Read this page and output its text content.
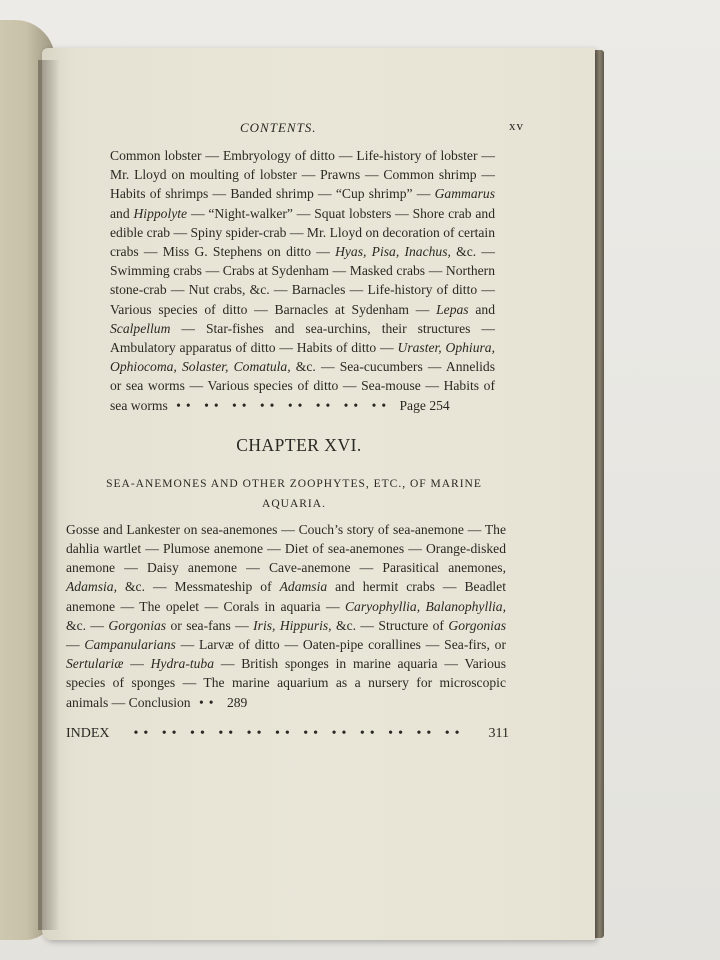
CONTENTS.	xv

Common lobster — Embryology of ditto — Life-history of lobster — Mr. Lloyd on moulting of lobster — Prawns — Common shrimp — Habits of shrimps — Banded shrimp — “Cup shrimp” — Gammarus and Hippolyte — “Night-walker” — Squat lobsters — Shore crab and edible crab — Spiny spider-crab — Mr. Lloyd on decoration of certain crabs — Miss G. Stephens on ditto — Hyas, Pisa, Inachus, &c. — Swimming crabs — Crabs at Sydenham — Masked crabs — Northern stone-crab — Nut crabs, &c. — Barnacles — Life-history of ditto — Various species of ditto — Barnacles at Sydenham — Lepas and Scalpellum — Star-fishes and sea-urchins, their structures — Ambulatory apparatus of ditto — Habits of ditto — Uraster, Ophiura, Ophiocoma, Solaster, Comatula, &c. — Sea-cucumbers — Annelids or sea worms — Various species of ditto — Sea-mouse — Habits of sea worms •• •• •• •• •• •• •• •• Page 254

CHAPTER XVI.
SEA-ANEMONES AND OTHER ZOOPHYTES, ETC., OF MARINE
AQUARIA.

Gosse and Lankester on sea-anemones — Couch’s story of sea-anemone — The dahlia wartlet — Plumose anemone — Diet of sea-anemones — Orange-disked anemone — Daisy anemone — Cave-anemone — Parasitical anemones, Adamsia, &c. — Messmateship of Adamsia and hermit crabs — Beadlet anemone — The opelet — Corals in aquaria — Caryophyllia, Balanophyllia, &c. — Gorgonias or sea-fans — Iris, Hippuris, &c. — Structure of Gorgonias — Campanularians — Larvæ of ditto — Oaten-pipe corallines — Sea-firs, or Sertulariæ — Hydra-tuba — British sponges in marine aquaria — Various species of sponges — The marine aquarium as a nursery for microscopic animals — Conclusion •• 289

INDEX	•• •• •• •• •• •• •• •• •• •• •• ••	311
